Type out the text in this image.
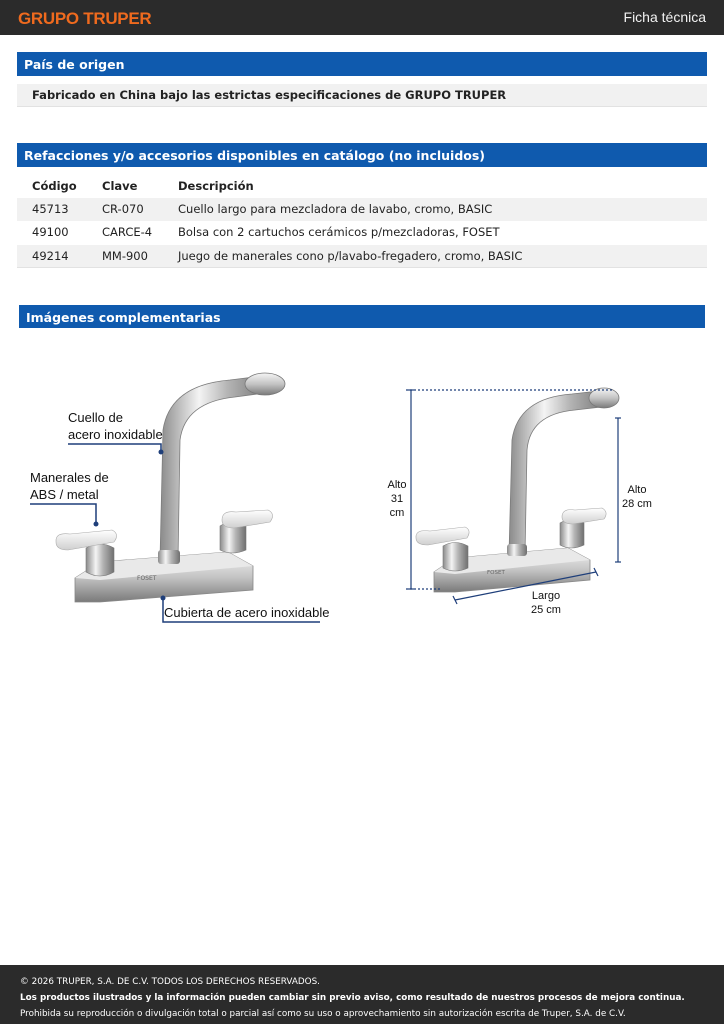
GRUPO TRUPER	Ficha técnica
País de origen
Fabricado en China bajo las estrictas especificaciones de GRUPO TRUPER
Refacciones y/o accesorios disponibles en catálogo (no incluidos)
Código Clave	Descripción
45713	CR-070	Cuello largo para mezcladora de lavabo, cromo, BASIC
49100	CARCE-4 Bolsa con 2 cartuchos cerámicos p/mezcladoras, FOSET
49214	MM-900	Juego de manerales cono p/lavabo-fregadero, cromo, BASIC
Imágenes complementarias
FOSET
FOSET
Cuello de
acero inoxidable
Manerales de
ABS / metal
Cubierta de acero inoxidable
Alto
31 cm
Alto
28 cm
Largo
25 cm
© 2026 TRUPER, S.A. DE C.V. TODOS LOS DERECHOS RESERVADOS.
Los productos ilustrados y la información pueden cambiar sin previo aviso, como resultado de nuestros procesos de mejora continua.
Prohibida su reproducción o divulgación total o parcial así como su uso o aprovechamiento sin autorización escrita de Truper, S.A. de C.V.
